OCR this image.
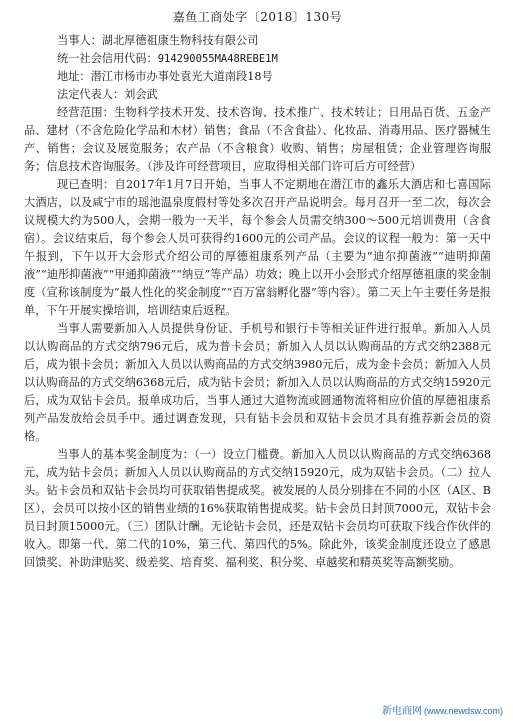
嘉鱼工商处字〔2018〕130号

当事人：湖北厚德祖康生物科技有限公司

统一社会信用代码：914290055MA48REBE1M

地址：潜江市杨市办事处袁光大道南段18号

法定代表人：刘会武

经营范围：生物科学技术开发、技术咨询、技术推广、技术转让；日用品百货、五金产品、建材（不含危险化学品和木材）销售；食品（不含食盐）、化妆品、消毒用品、医疗器械生产、销售；会议及展览服务；农产品（不含粮食）收购、销售；房屋租赁；企业管理咨询服务；信息技术咨询服务。（涉及许可经营项目，应取得相关部门许可后方可经营）

现已查明：自2017年1月7日开始，当事人不定期地在潜江市的鑫乐大酒店和七喜国际大酒店，以及咸宁市的瑶池温泉度假村等处多次召开产品说明会。每月召开一至二次，每次会议规模大约为500人，会期一般为一天半，每个参会人员需交纳300～500元培训费用（含食宿）。会议结束后，每个参会人员可获得约1600元的公司产品。会议的议程一般为：第一天中午报到，下午以开大会形式介绍公司的厚德祖康系列产品（主要为“迪尔抑菌液”“迪明抑菌液”“迪彤抑菌液”“甲通抑菌液”“纳豆”等产品）功效；晚上以开小会形式介绍厚德祖康的奖金制度（宣称该制度为“最人性化的奖金制度”“百万富翁孵化器”等内容）。第二天上午主要任务是报单，下午开展实操培训，培训结束后返程。

当事人需要新加入人员提供身份证、手机号和银行卡等相关证件进行报单。新加入人员以认购商品的方式交纳796元后，成为普卡会员；新加入人员以认购商品的方式交纳2388元后，成为银卡会员；新加入人员以认购商品的方式交纳3980元后，成为金卡会员；新加入人员以认购商品的方式交纳6368元后，成为钻卡会员；新加入人员以认购商品的方式交纳15920元后，成为双钻卡会员。报单成功后，当事人通过大道物流或圆通物流将相应价值的厚德祖康系列产品发放给会员手中。通过调查发现，只有钻卡会员和双钻卡会员才具有推荐新会员的资格。

当事人的基本奖金制度为：（一）设立门槛费。新加入人员以认购商品的方式交纳6368元，成为钻卡会员；新加入人员以认购商品的方式交纳15920元，成为双钻卡会员。（二）拉人头。钻卡会员和双钻卡会员均可获取销售提成奖。被发展的人员分别排在不同的小区（A区、B区），会员可以按小区的销售业绩的16%获取销售提成奖。钻卡会员日封顶7000元，双钻卡会员日封顶15000元。（三）团队计酬。无论钻卡会员，还是双钻卡会员均可获取下线合作伙伴的收入。即第一代、第二代的10%，第三代、第四代的5%。除此外，该奖金制度还设立了感恩回馈奖、补助津贴奖、级差奖、培育奖、福利奖、积分奖、卓越奖和精英奖等高额奖励。

新电商网 (www.newdsw.com)
